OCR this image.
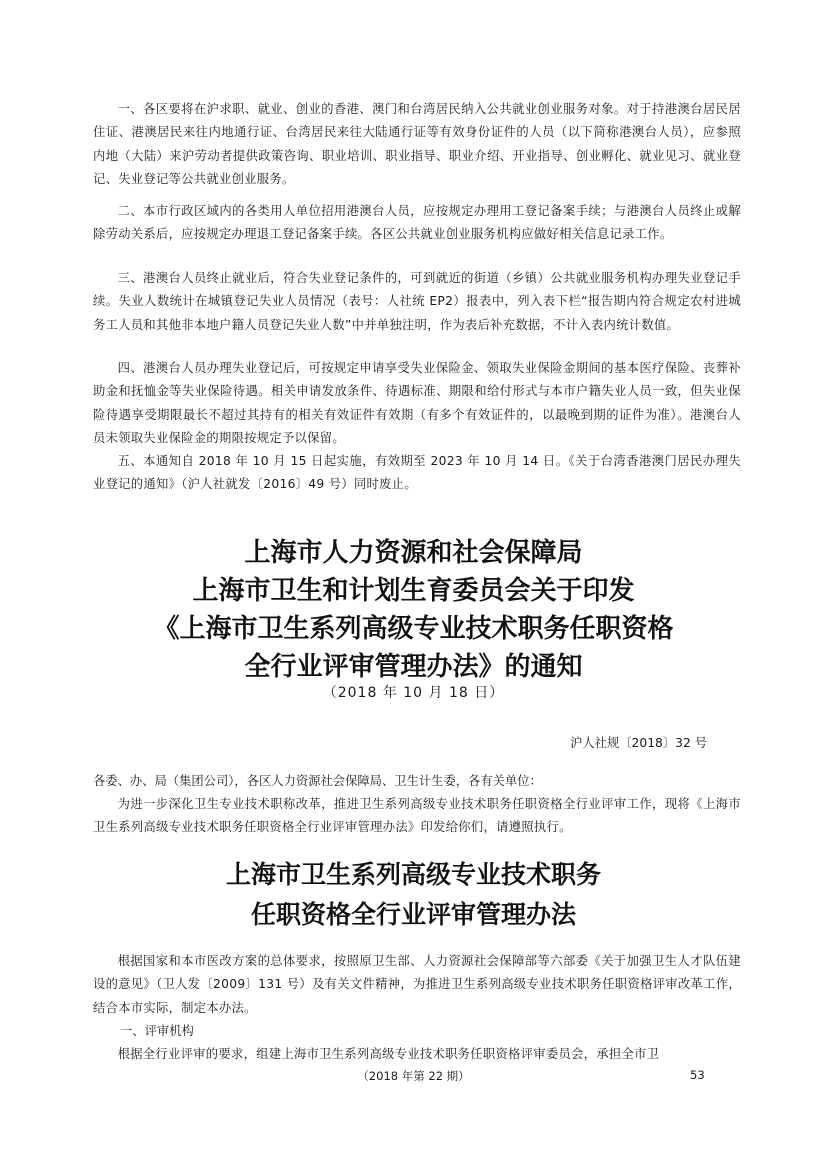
一、各区要将在沪求职、就业、创业的香港、澳门和台湾居民纳入公共就业创业服务对象。对于持港澳台居民居住证、港澳居民来往内地通行证、台湾居民来往大陆通行证等有效身份证件的人员（以下简称港澳台人员），应参照内地（大陆）来沪劳动者提供政策咨询、职业培训、职业指导、职业介绍、开业指导、创业孵化、就业见习、就业登记、失业登记等公共就业创业服务。

二、本市行政区域内的各类用人单位招用港澳台人员，应按规定办理用工登记备案手续；与港澳台人员终止或解除劳动关系后，应按规定办理退工登记备案手续。各区公共就业创业服务机构应做好相关信息记录工作。

三、港澳台人员终止就业后，符合失业登记条件的，可到就近的街道（乡镇）公共就业服务机构办理失业登记手续。失业人数统计在城镇登记失业人员情况（表号：人社统 EP2）报表中，列入表下栏“报告期内符合规定农村进城务工人员和其他非本地户籍人员登记失业人数”中并单独注明，作为表后补充数据，不计入表内统计数值。

四、港澳台人员办理失业登记后，可按规定申请享受失业保险金、领取失业保险金期间的基本医疗保险、丧葬补助金和抚恤金等失业保险待遇。相关申请发放条件、待遇标准、期限和给付形式与本市户籍失业人员一致，但失业保险待遇享受期限最长不超过其持有的相关有效证件有效期（有多个有效证件的，以最晚到期的证件为准）。港澳台人员未领取失业保险金的期限按规定予以保留。

五、本通知自 2018 年 10 月 15 日起实施，有效期至 2023 年 10 月 14 日。《关于台湾香港澳门居民办理失业登记的通知》（沪人社就发〔2016〕49 号）同时废止。

上海市人力资源和社会保障局
上海市卫生和计划生育委员会关于印发
《上海市卫生系列高级专业技术职务任职资格
全行业评审管理办法》的通知

（2018 年 10 月 18 日）

沪人社规〔2018〕32 号

各委、办、局（集团公司），各区人力资源社会保障局、卫生计生委，各有关单位：

为进一步深化卫生专业技术职称改革，推进卫生系列高级专业技术职务任职资格全行业评审工作，现将《上海市卫生系列高级专业技术职务任职资格全行业评审管理办法》印发给你们，请遵照执行。

上海市卫生系列高级专业技术职务
任职资格全行业评审管理办法

根据国家和本市医改方案的总体要求，按照原卫生部、人力资源社会保障部等六部委《关于加强卫生人才队伍建设的意见》（卫人发〔2009〕131 号）及有关文件精神，为推进卫生系列高级专业技术职务任职资格评审改革工作，结合本市实际，制定本办法。

一、评审机构

根据全行业评审的要求，组建上海市卫生系列高级专业技术职务任职资格评审委员会，承担全市卫

（2018 年第 22 期）	53
